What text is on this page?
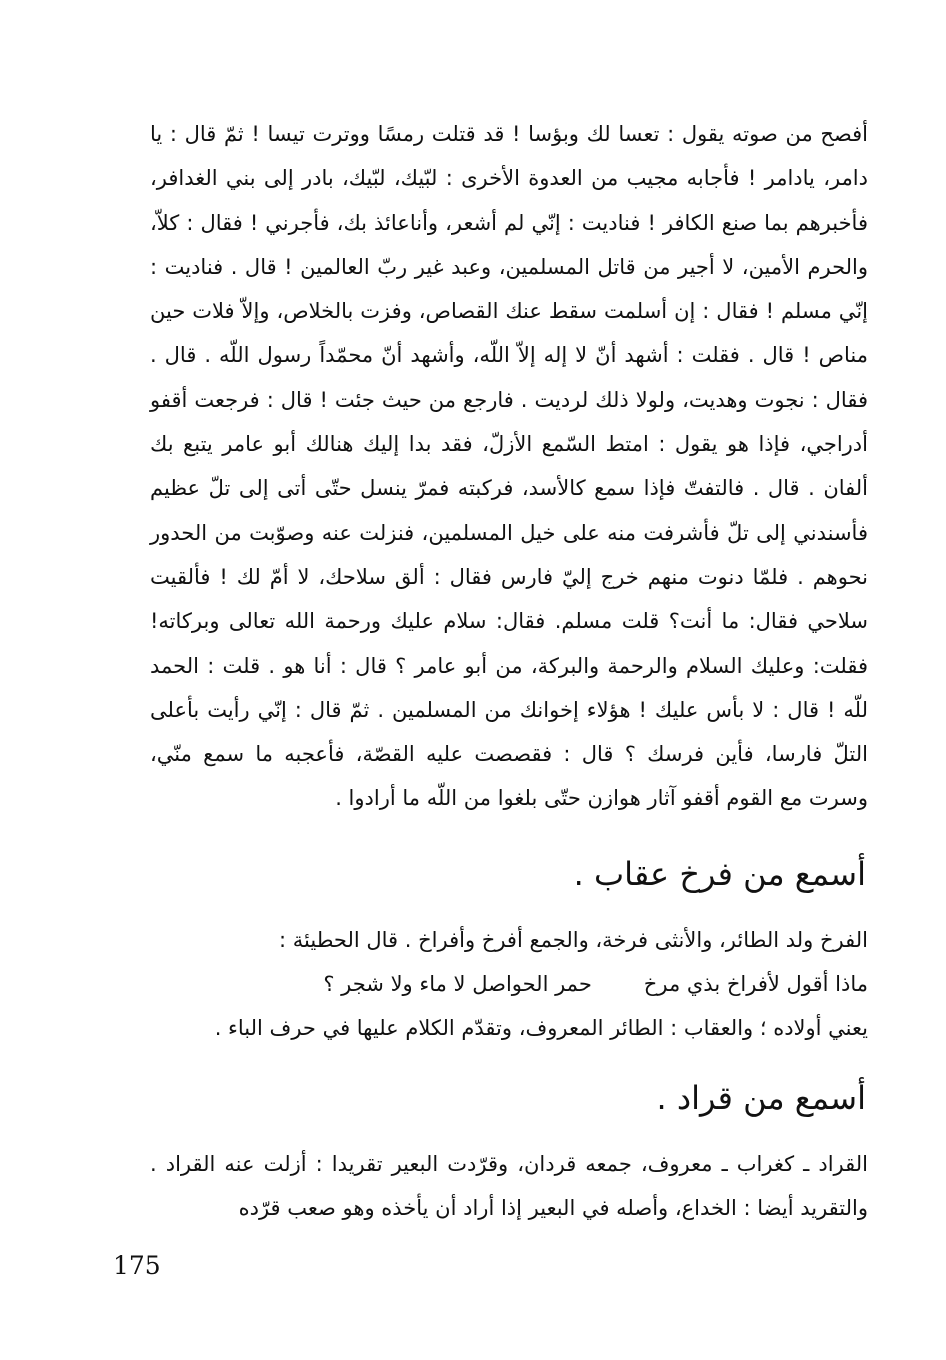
أفصح من صوته يقول : تعسا لك وبؤسا ! قد قتلت رمسًا ووترت تيسا ! ثمّ قال : يا دامر، يادامر ! فأجابه مجيب من العدوة الأخرى : لبّيك، لبّيك، بادر إلى بني الغدافر، فأخبرهم بما صنع الكافر ! فناديت : إنّي لم أشعر، وأناعائذ بك، فأجرني ! فقال : كلاّ، والحرم الأمين، لا أجير من قاتل المسلمين، وعبد غير ربّ العالمين ! قال . فناديت : إنّي مسلم ! فقال : إن أسلمت سقط عنك القصاص، وفزت بالخلاص، وإلاّ فلات حين مناص ! قال . فقلت : أشهد أنّ لا إله إلاّ اللّه، وأشهد أنّ محمّداً رسول اللّه . قال . فقال : نجوت وهديت، ولولا ذلك لرديت . فارجع من حيث جئت ! قال : فرجعت أقفو أدراجي، فإذا هو يقول : امتط السّمع الأزلّ، فقد بدا إليك هنالك أبو عامر يتبع بك ألفان . قال . فالتفتّ فإذا سمع كالأسد، فركبته فمرّ ينسل حتّى أتى إلى تلّ عظيم فأسندني إلى تلّ فأشرفت منه على خيل المسلمين، فنزلت عنه وصوّبت من الحدور نحوهم . فلمّا دنوت منهم خرج إليّ فارس فقال : ألق سلاحك، لا أمّ لك ! فألقيت سلاحي فقال: ما أنت؟ قلت مسلم. فقال: سلام عليك ورحمة الله تعالى وبركاته! فقلت: وعليك السلام والرحمة والبركة، من أبو عامر ؟ قال : أنا هو . قلت : الحمد للّه ! قال : لا بأس عليك ! هؤلاء إخوانك من المسلمين . ثمّ قال : إنّي رأيت بأعلى التلّ فارسا، فأين فرسك ؟ قال : فقصصت عليه القصّة، فأعجبه ما سمع منّي، وسرت مع القوم أقفو آثار هوازن حتّى بلغوا من اللّه ما أرادوا .

أسمع من فرخ عقاب .

الفرخ ولد الطائر، والأنثى فرخة، والجمع أفرخ وأفراخ . قال الحطيئة :

ماذا أقول لأفراخ بذي مرخ
حمر الحواصل لا ماء ولا شجر ؟

يعني أولاده ؛ والعقاب : الطائر المعروف، وتقدّم الكلام عليها في حرف الباء .

أسمع من قراد .

القراد ـ كغراب ـ معروف، جمعه قردان، وقرّدت البعير تقريدا : أزلت عنه القراد . والتقريد أيضا : الخداع، وأصله في البعير إذا أراد أن يأخذه وهو صعب قرّده

175
